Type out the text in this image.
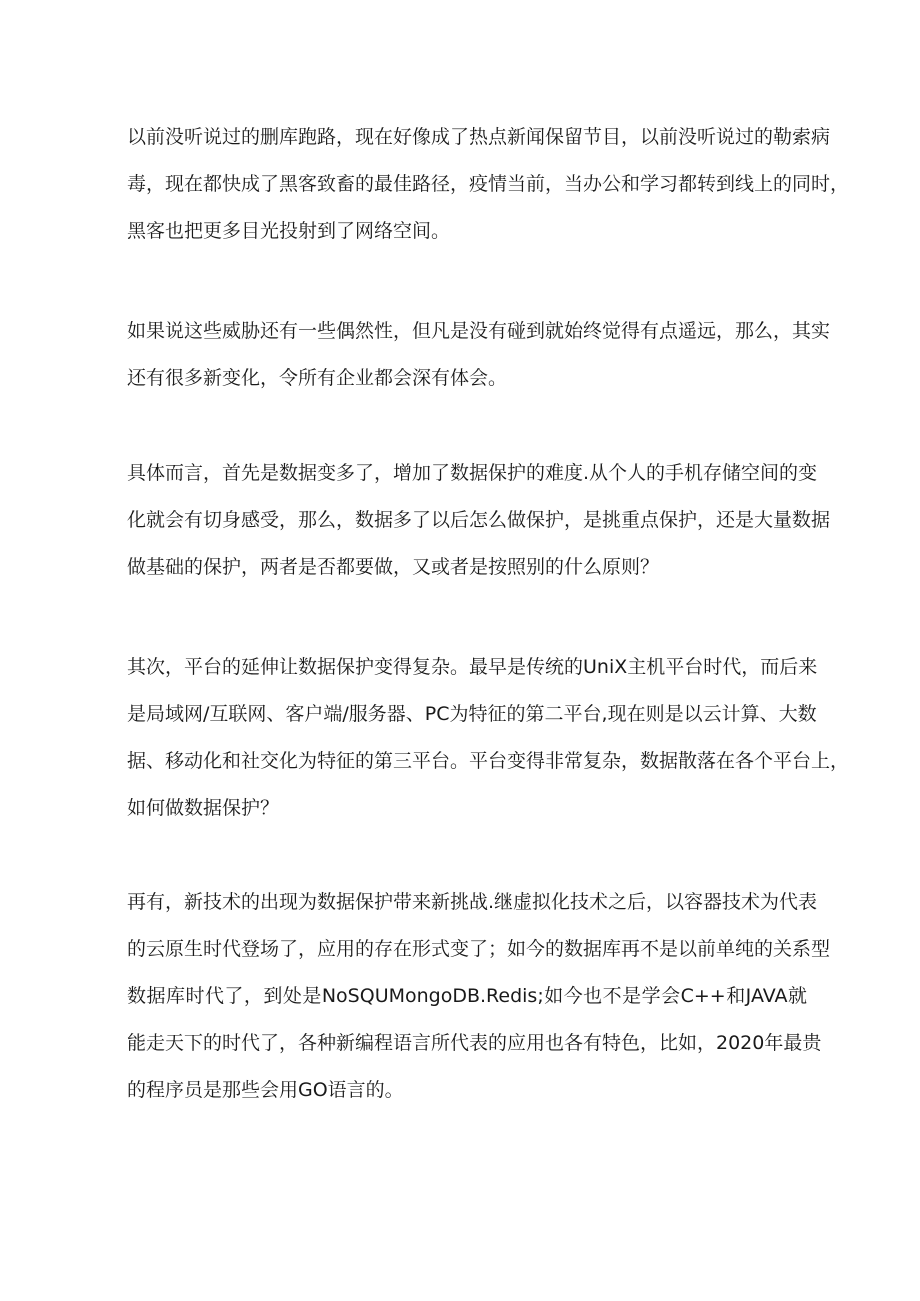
以前没听说过的删库跑路，现在好像成了热点新闻保留节目，以前没听说过的勒索病
毒，现在都快成了黑客致畜的最佳路径，疫情当前，当办公和学习都转到线上的同时，
黑客也把更多目光投射到了网络空间。

如果说这些威胁还有一些偶然性，但凡是没有碰到就始终觉得有点遥远，那么，其实
还有很多新变化，令所有企业都会深有体会。

具体而言，首先是数据变多了，增加了数据保护的难度.从个人的手机存储空间的变
化就会有切身感受，那么，数据多了以后怎么做保护，是挑重点保护，还是大量数据
做基础的保护，两者是否都要做，又或者是按照别的什么原则？

其次，平台的延伸让数据保护变得复杂。最早是传统的UniX主机平台时代，而后来
是局域网/互联网、客户端/服务器、PC为特征的第二平台,现在则是以云计算、大数
据、移动化和社交化为特征的第三平台。平台变得非常复杂，数据散落在各个平台上，
如何做数据保护？

再有，新技术的出现为数据保护带来新挑战.继虚拟化技术之后，以容器技术为代表
的云原生时代登场了，应用的存在形式变了；如今的数据库再不是以前单纯的关系型
数据库时代了，到处是NoSQUMongoDB.Redis;如今也不是学会C++和JAVA就
能走天下的时代了，各种新编程语言所代表的应用也各有特色，比如，2020年最贵
的程序员是那些会用GO语言的。
